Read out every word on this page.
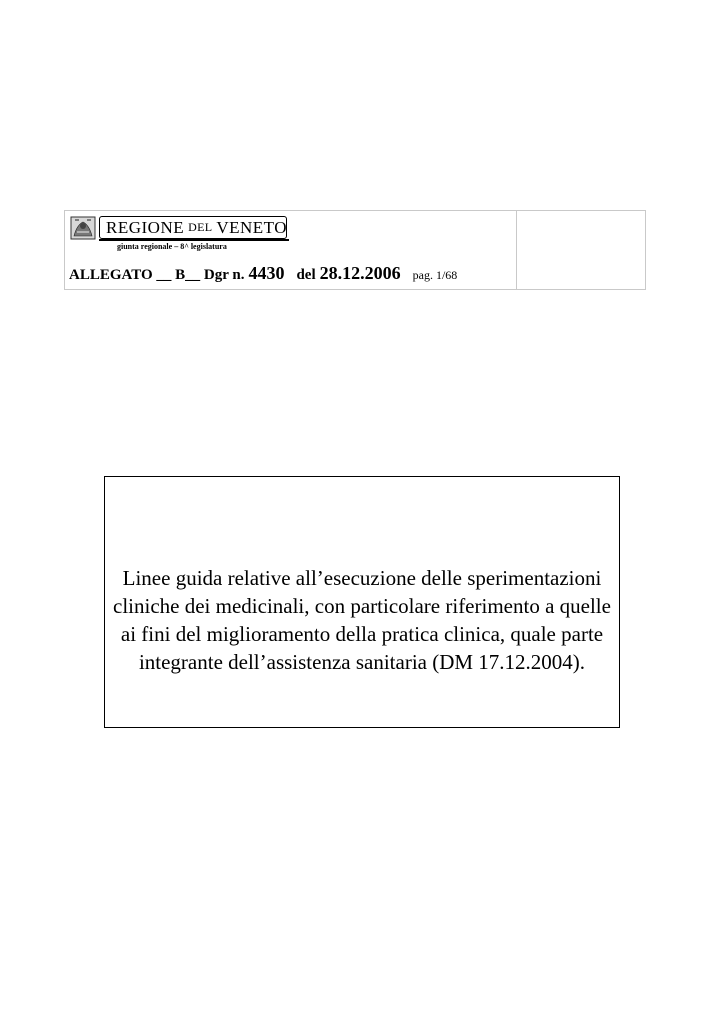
REGIONE DEL VENETO
giunta regionale – 8^ legislatura
ALLEGATO __ B__ Dgr n. 4430 del 28.12.2006 pag. 1/68
Linee guida relative all’esecuzione delle sperimentazioni cliniche dei medicinali, con particolare riferimento a quelle ai fini del miglioramento della pratica clinica, quale parte integrante dell’assistenza sanitaria (DM 17.12.2004).
